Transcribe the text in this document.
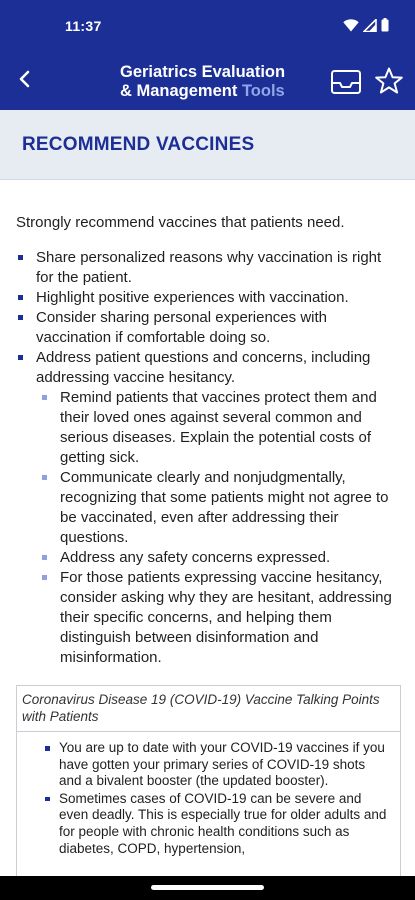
11:37
Geriatrics Evaluation
& Management Tools
RECOMMEND VACCINES

Strongly recommend vaccines that patients need.

Share personalized reasons why vaccination is right for the patient.
Highlight positive experiences with vaccination.
Consider sharing personal experiences with vaccination if comfortable doing so.
Address patient questions and concerns, including addressing vaccine hesitancy.
Remind patients that vaccines protect them and their loved ones against several common and serious diseases. Explain the potential costs of getting sick.
Communicate clearly and nonjudgmentally, recognizing that some patients might not agree to be vaccinated, even after addressing their questions.
Address any safety concerns expressed.
For those patients expressing vaccine hesitancy, consider asking why they are hesitant, addressing their specific concerns, and helping them distinguish between disinformation and misinformation.
Coronavirus Disease 19 (COVID-19) Vaccine Talking Points with Patients
You are up to date with your COVID-19 vaccines if you have gotten your primary series of COVID-19 shots and a bivalent booster (the updated booster).
Sometimes cases of COVID-19 can be severe and even deadly. This is especially true for older adults and for people with chronic health conditions such as diabetes, COPD, hypertension,
